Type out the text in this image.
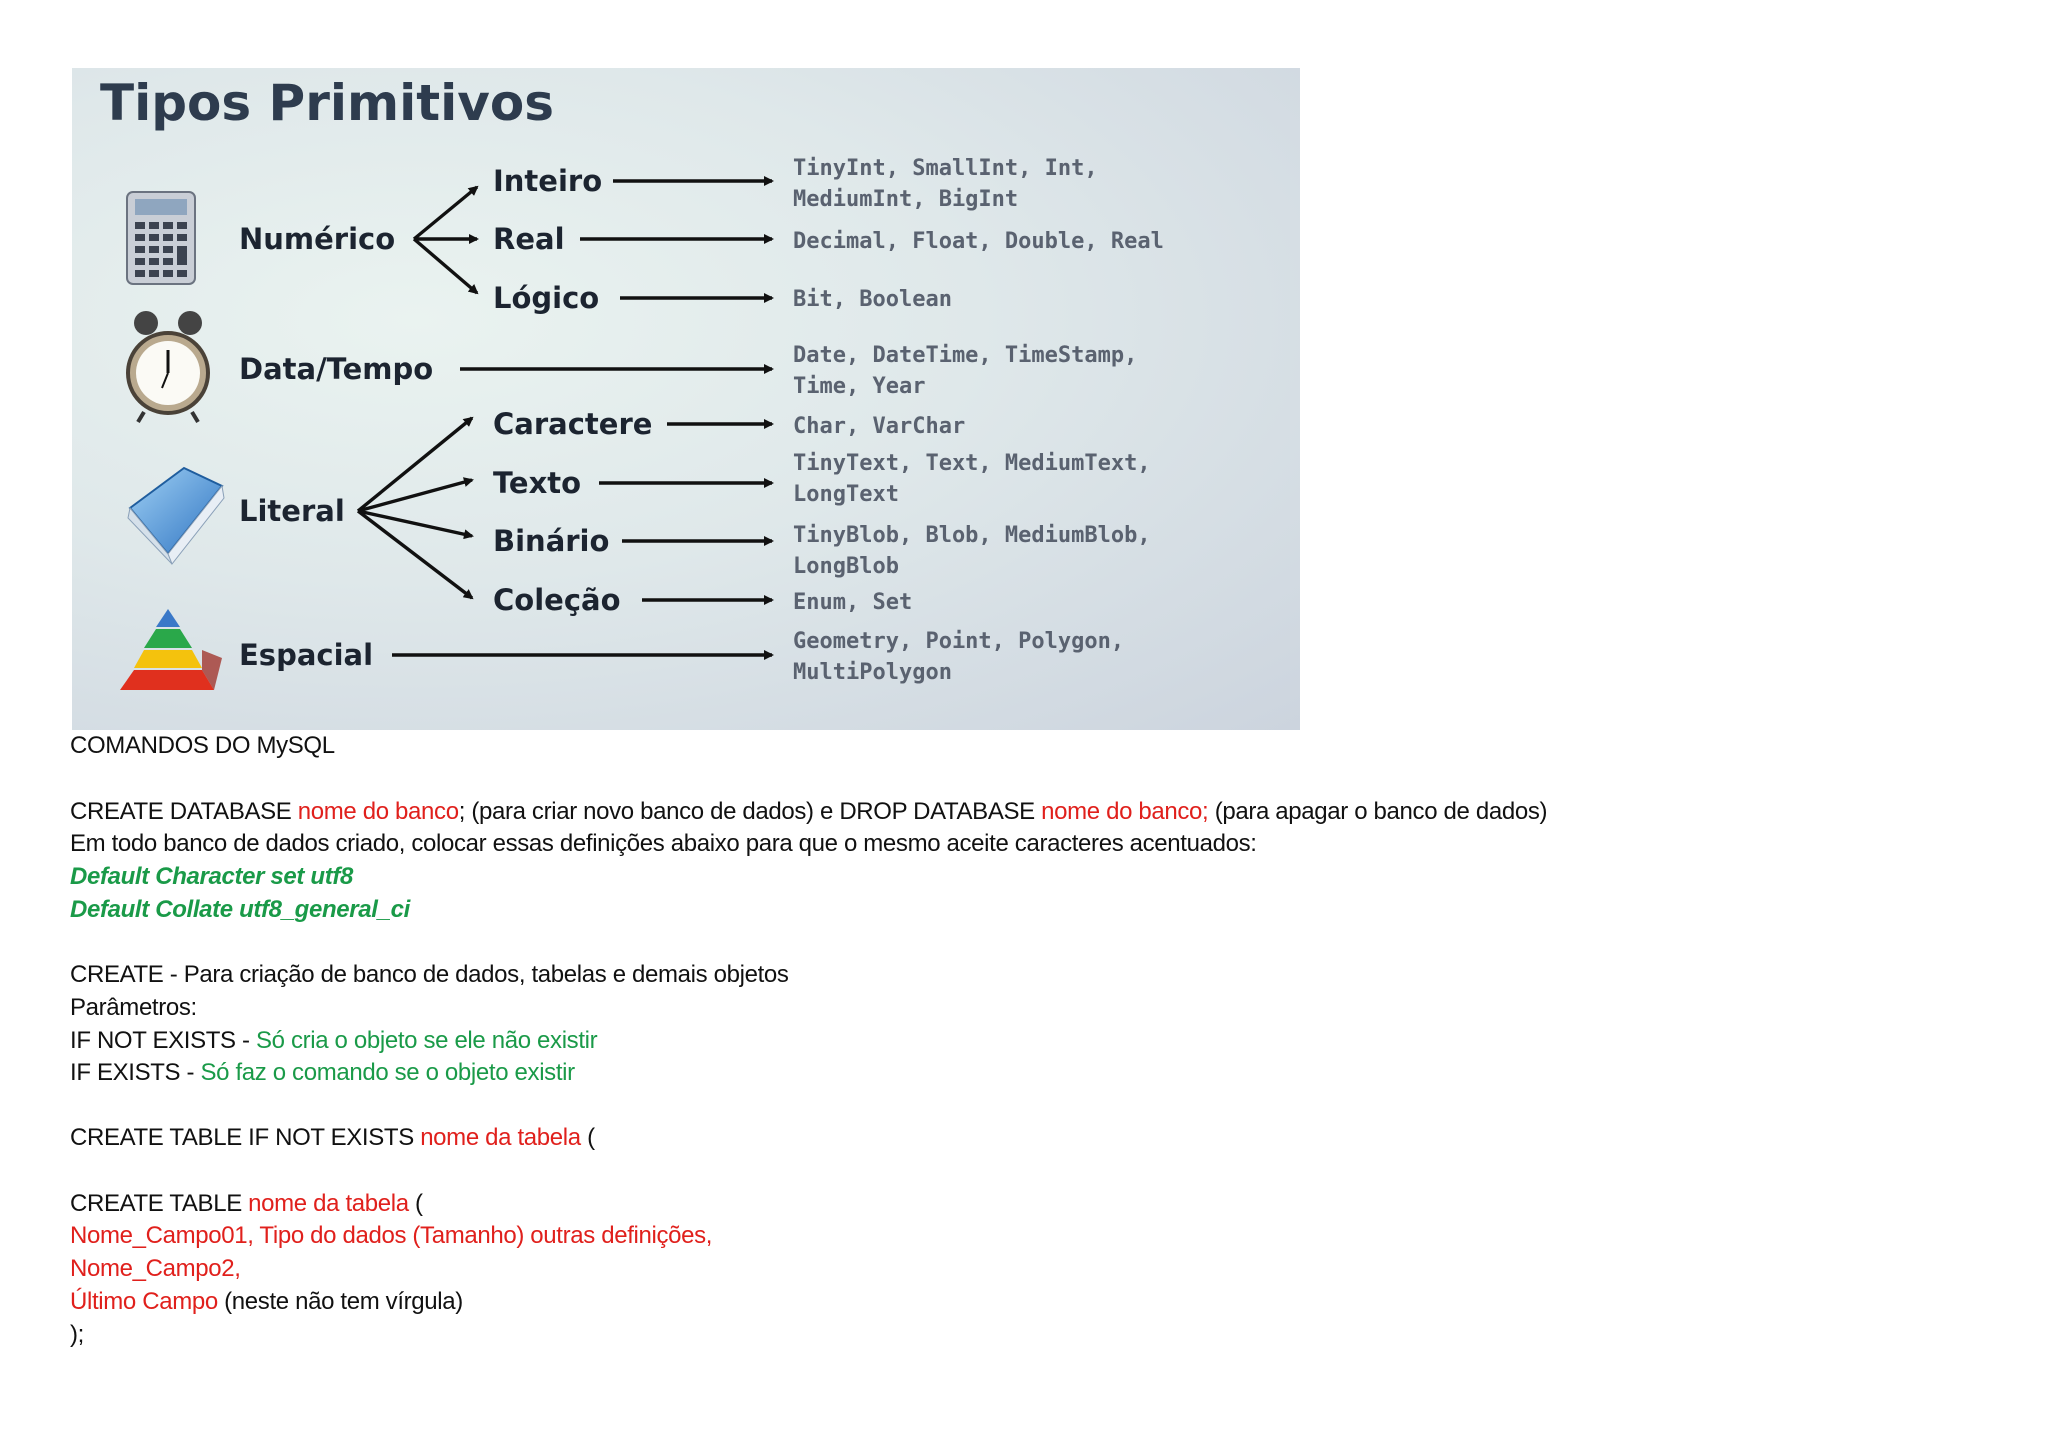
Tipos Primitivos
Numérico
Data/Tempo
Literal
Espacial
Inteiro
Real
Lógico
Caractere
Texto
Binário
Coleção
TinyInt, SmallInt, Int,
MediumInt, BigInt
Decimal, Float, Double, Real
Bit, Boolean
Date, DateTime, TimeStamp,
Time, Year
Char, VarChar
TinyText, Text, MediumText,
LongText
TinyBlob, Blob, MediumBlob,
LongBlob
Enum, Set
Geometry, Point, Polygon,
MultiPolygon
COMANDOS DO MySQL
CREATE DATABASE nome do banco; (para criar novo banco de dados) e DROP DATABASE nome do banco; (para apagar o banco de dados)
Em todo banco de dados criado, colocar essas definições abaixo para que o mesmo aceite caracteres acentuados:
Default Character set utf8
Default Collate utf8_general_ci
CREATE - Para criação de banco de dados, tabelas e demais objetos
Parâmetros:
IF NOT EXISTS - Só cria o objeto se ele não existir
IF EXISTS - Só faz o comando se o objeto existir
CREATE TABLE IF NOT EXISTS nome da tabela (
CREATE TABLE nome da tabela (
Nome_Campo01, Tipo do dados (Tamanho) outras definições,
Nome_Campo2,
Último Campo (neste não tem vírgula)
);
